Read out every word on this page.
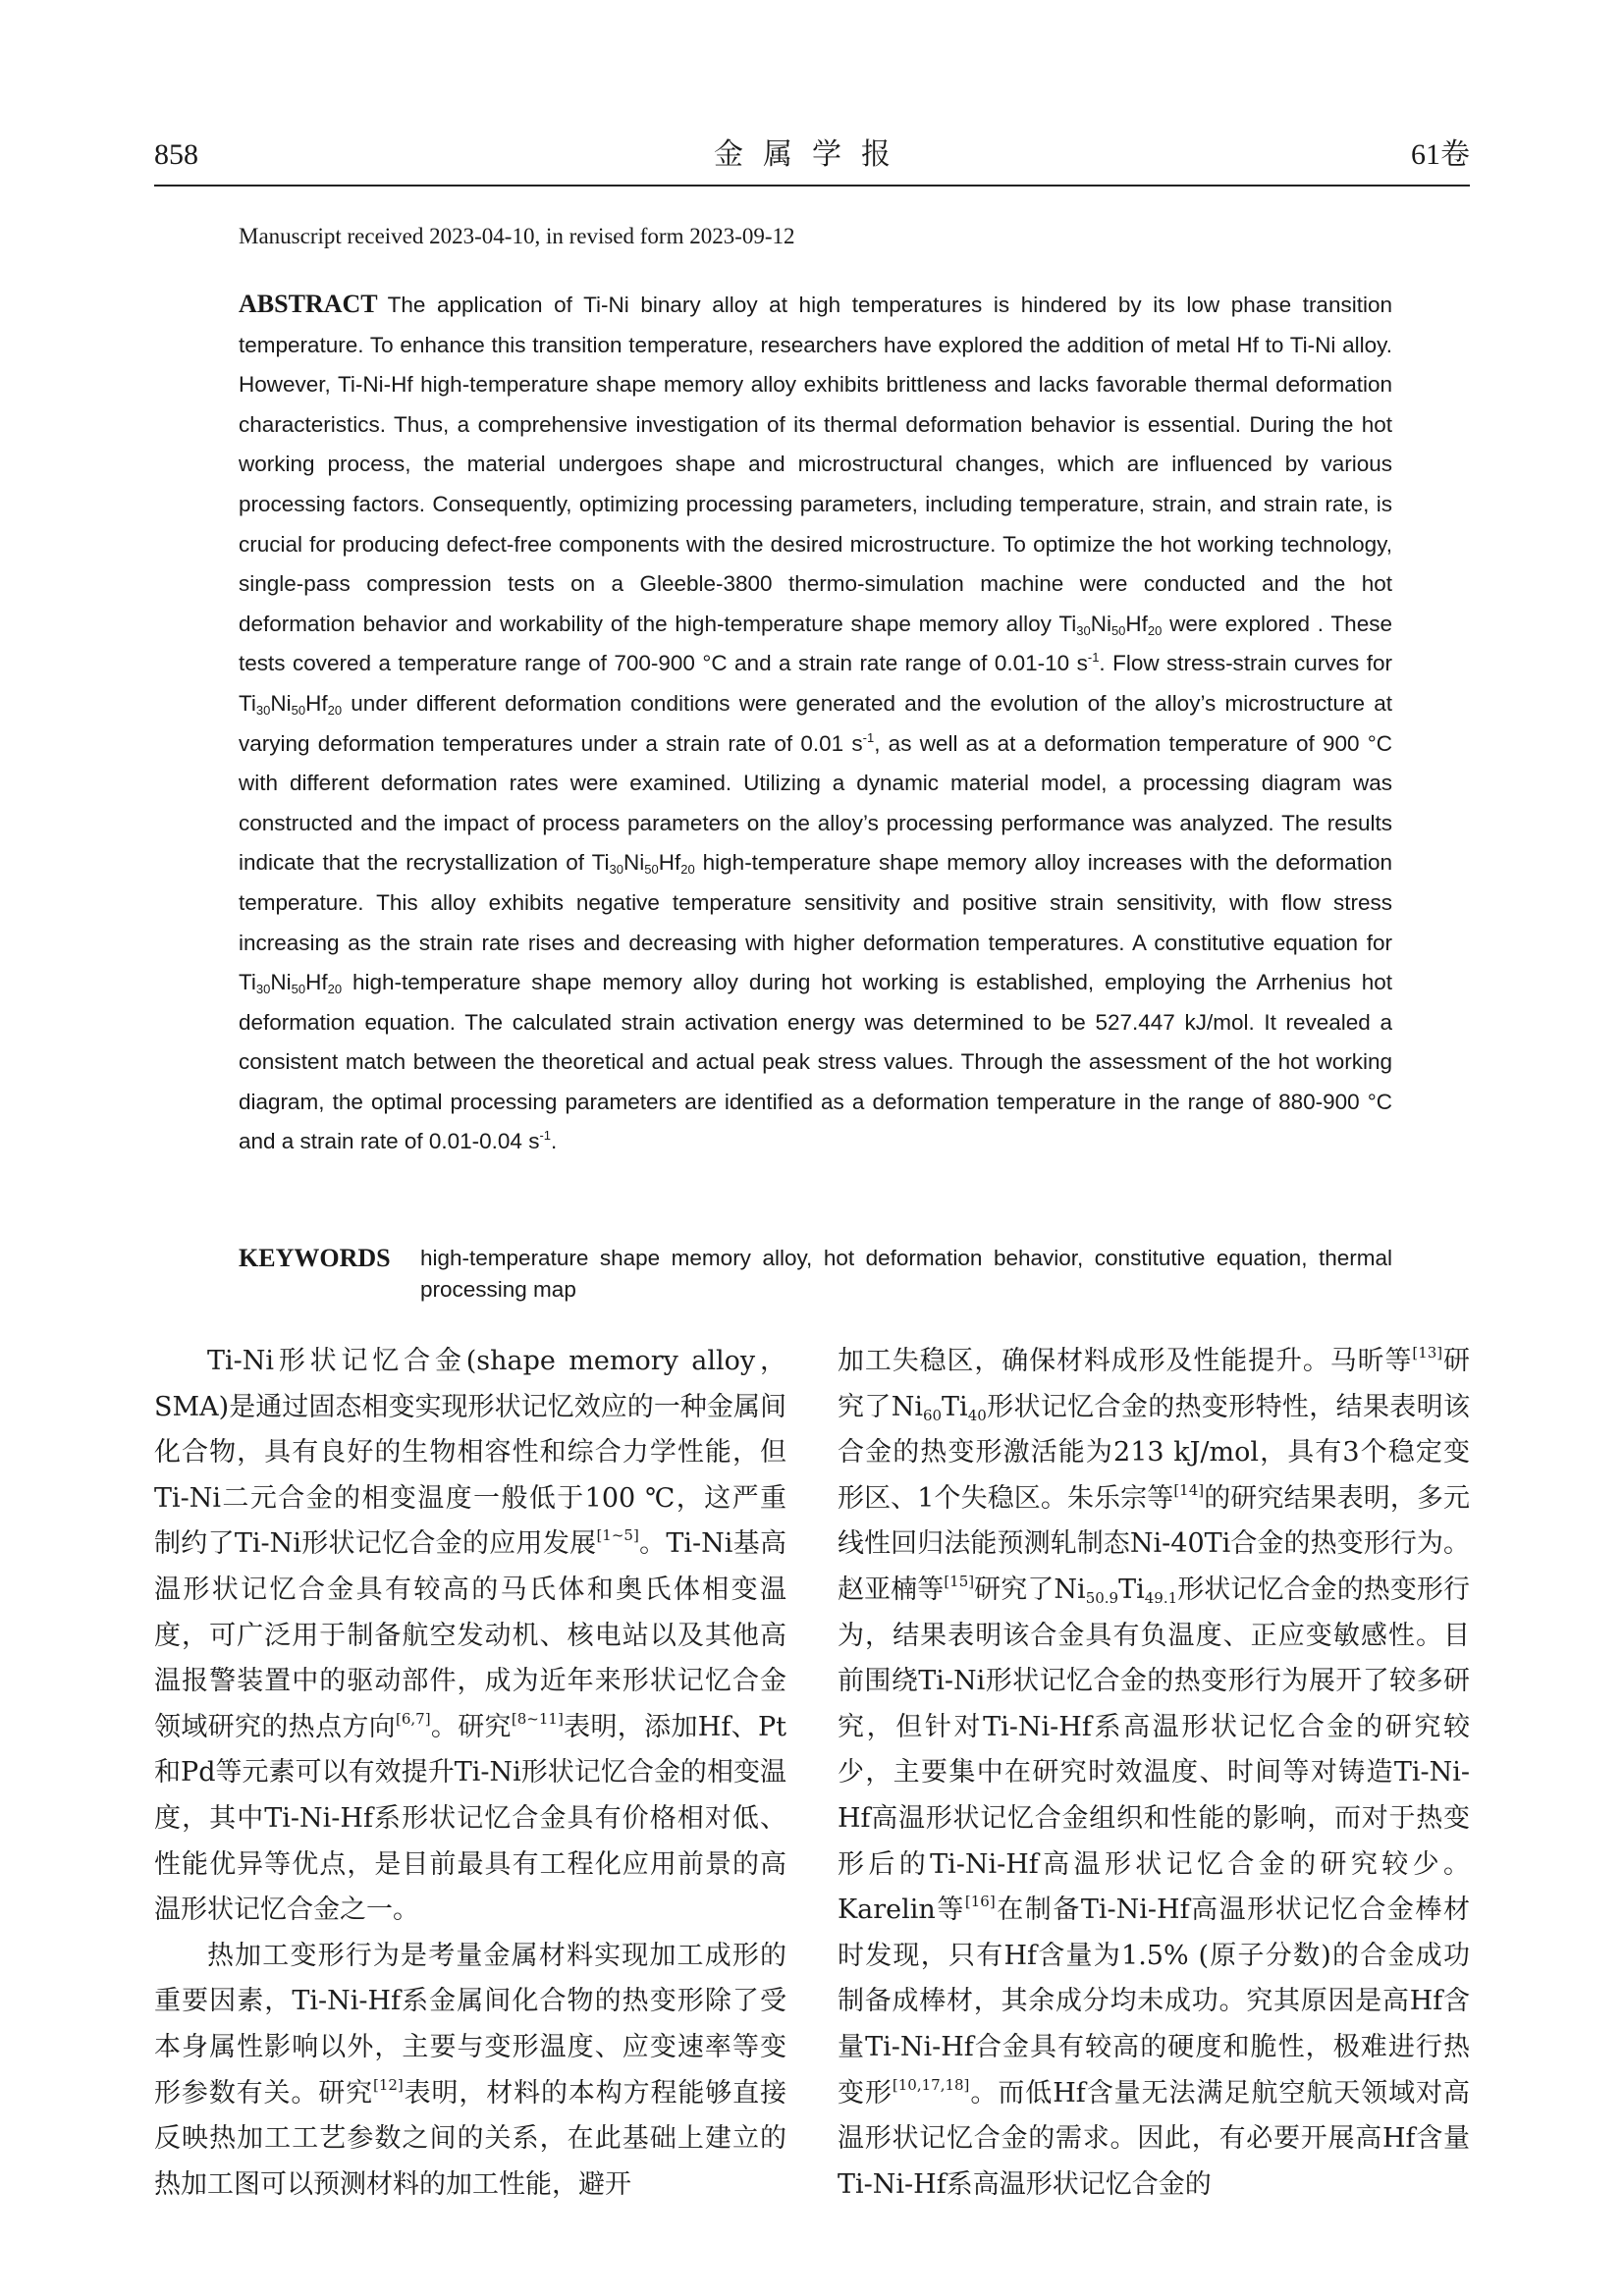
858	金属学报	61卷
Manuscript received 2023-04-10, in revised form 2023-09-12
ABSTRACT The application of Ti-Ni binary alloy at high temperatures is hindered by its low phase transition temperature. To enhance this transition temperature, researchers have explored the addition of metal Hf to Ti-Ni alloy. However, Ti-Ni-Hf high-temperature shape memory alloy exhibits brittleness and lacks favorable thermal deformation characteristics. Thus, a comprehensive investigation of its thermal deformation behavior is essential. During the hot working process, the material undergoes shape and microstructural changes, which are influenced by various processing factors. Consequently, optimizing processing parameters, including temperature, strain, and strain rate, is crucial for producing defect-free components with the desired microstructure. To optimize the hot working technology, single-pass compression tests on a Gleeble-3800 thermo-simulation machine were conducted and the hot deformation behavior and workability of the high-temperature shape memory alloy $Ti_{30}Ni_{50}Hf_{20}$ were explored . These tests covered a temperature range of 700-900 °C and a strain rate range of 0.01-10 $s^{-1}$. Flow stress-strain curves for $Ti_{30}Ni_{50}Hf_{20}$ under different deformation conditions were generated and the evolution of the alloy’s microstructure at varying deformation temperatures under a strain rate of 0.01 $s^{-1}$, as well as at a deformation temperature of 900 °C with different deformation rates were examined. Utilizing a dynamic material model, a processing diagram was constructed and the impact of process parameters on the alloy’s processing performance was analyzed. The results indicate that the recrystallization of $Ti_{30}Ni_{50}Hf_{20}$ high-temperature shape memory alloy increases with the deformation temperature. This alloy exhibits negative temperature sensitivity and positive strain sensitivity, with flow stress increasing as the strain rate rises and decreasing with higher deformation temperatures. A constitutive equation for $Ti_{30}Ni_{50}Hf_{20}$ high-temperature shape memory alloy during hot working is established, employing the Arrhenius hot deformation equation. The calculated strain activation energy was determined to be 527.447 kJ/mol. It revealed a consistent match between the theoretical and actual peak stress values. Through the assessment of the hot working diagram, the optimal processing parameters are identified as a deformation temperature in the range of 880-900 °C and a strain rate of 0.01-0.04 $s^{-1}$.
KEYWORDS	high-temperature shape memory alloy, hot deformation behavior, constitutive equation, thermal processing map

Ti-Ni形状记忆合金(shape memory alloy，SMA)是通过固态相变实现形状记忆效应的一种金属间化合物，具有良好的生物相容性和综合力学性能，但Ti-Ni二元合金的相变温度一般低于100 ℃，这严重制约了Ti-Ni形状记忆合金的应用发展[1~5]。Ti-Ni基高温形状记忆合金具有较高的马氏体和奥氏体相变温度，可广泛用于制备航空发动机、核电站以及其他高温报警装置中的驱动部件，成为近年来形状记忆合金领域研究的热点方向[6,7]。研究[8~11]表明，添加Hf、Pt和Pd等元素可以有效提升Ti-Ni形状记忆合金的相变温度，其中Ti-Ni-Hf系形状记忆合金具有价格相对低、性能优异等优点，是目前最具有工程化应用前景的高温形状记忆合金之一。

热加工变形行为是考量金属材料实现加工成形的重要因素，Ti-Ni-Hf系金属间化合物的热变形除了受本身属性影响以外，主要与变形温度、应变速率等变形参数有关。研究[12]表明，材料的本构方程能够直接反映热加工工艺参数之间的关系，在此基础上建立的热加工图可以预测材料的加工性能，避开

加工失稳区，确保材料成形及性能提升。马昕等[13]研究了$Ni_{60}Ti_{40}$形状记忆合金的热变形特性，结果表明该合金的热变形激活能为213 kJ/mol，具有3个稳定变形区、1个失稳区。朱乐宗等[14]的研究结果表明，多元线性回归法能预测轧制态Ni-40Ti合金的热变形行为。赵亚楠等[15]研究了$Ni_{50.9}Ti_{49.1}$形状记忆合金的热变形行为，结果表明该合金具有负温度、正应变敏感性。目前围绕Ti-Ni形状记忆合金的热变形行为展开了较多研究，但针对Ti-Ni-Hf系高温形状记忆合金的研究较少，主要集中在研究时效温度、时间等对铸造Ti-Ni-Hf高温形状记忆合金组织和性能的影响，而对于热变形后的Ti-Ni-Hf高温形状记忆合金的研究较少。Karelin等[16]在制备Ti-Ni-Hf高温形状记忆合金棒材时发现，只有Hf含量为1.5% (原子分数)的合金成功制备成棒材，其余成分均未成功。究其原因是高Hf含量Ti-Ni-Hf合金具有较高的硬度和脆性，极难进行热变形[10,17,18]。而低Hf含量无法满足航空航天领域对高温形状记忆合金的需求。因此，有必要开展高Hf含量Ti-Ni-Hf系高温形状记忆合金的
